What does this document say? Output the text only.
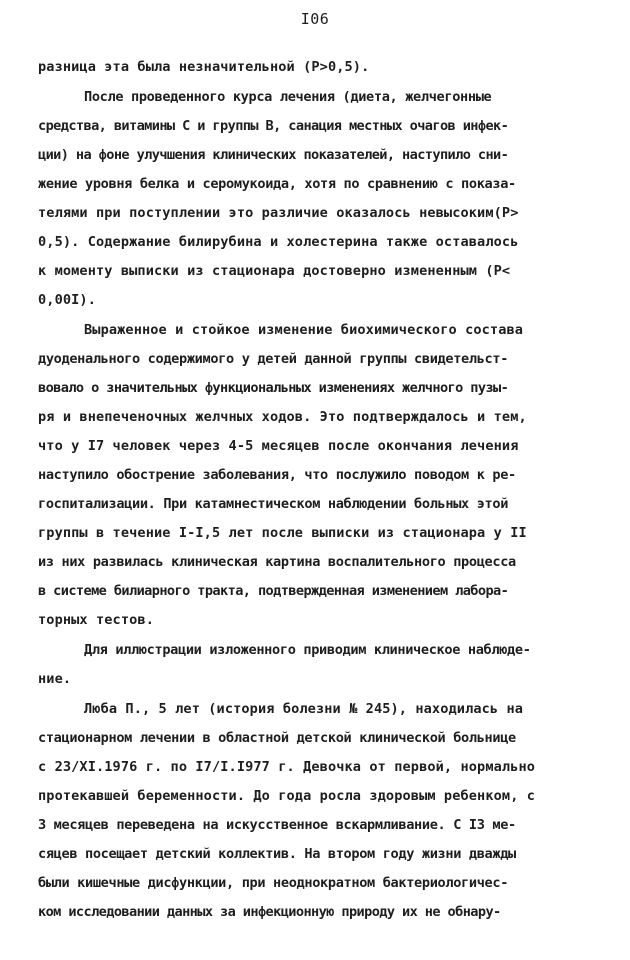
I06
разница эта была незначительной (P>0,5).
После проведенного курса лечения (диета, желчегонные
средства, витамины С и группы В, санация местных очагов инфек-
ции) на фоне улучшения клинических показателей, наступило сни-
жение уровня белка и серомукоида, хотя по сравнению с показа-
телями при поступлении это различие оказалось невысоким(P>
0,5). Содержание билирубина и холестерина также оставалось
к моменту выписки из стационара достоверно измененным (P<
0,00I).
Выраженное и стойкое изменение биохимического состава
дуоденального содержимого у детей данной группы свидетельст-
вовало о значительных функциональных изменениях желчного пузы-
ря и внепеченочных желчных ходов. Это подтверждалось и тем,
что у I7 человек через 4-5 месяцев после окончания лечения
наступило обострение заболевания, что послужило поводом к ре-
госпитализации. При катамнестическом наблюдении больных этой
группы в течение I-I,5 лет после выписки из стационара у II
из них развилась клиническая картина воспалительного процесса
в системе билиарного тракта, подтвержденная изменением лабора-
торных тестов.
Для иллюстрации изложенного приводим клиническое наблюде-
ние.
Люба П., 5 лет (история болезни № 245), находилась на
стационарном лечении в областной детской клинической больнице
с 23/XI.1976 г. по I7/I.I977 г. Девочка от первой, нормально
протекавшей беременности. До года росла здоровым ребенком, с
3 месяцев переведена на искусственное вскармливание. С I3 ме-
сяцев посещает детский коллектив. На втором году жизни дважды
были кишечные дисфункции, при неоднократном бактериологичес-
ком исследовании данных за инфекционную природу их не обнару-
